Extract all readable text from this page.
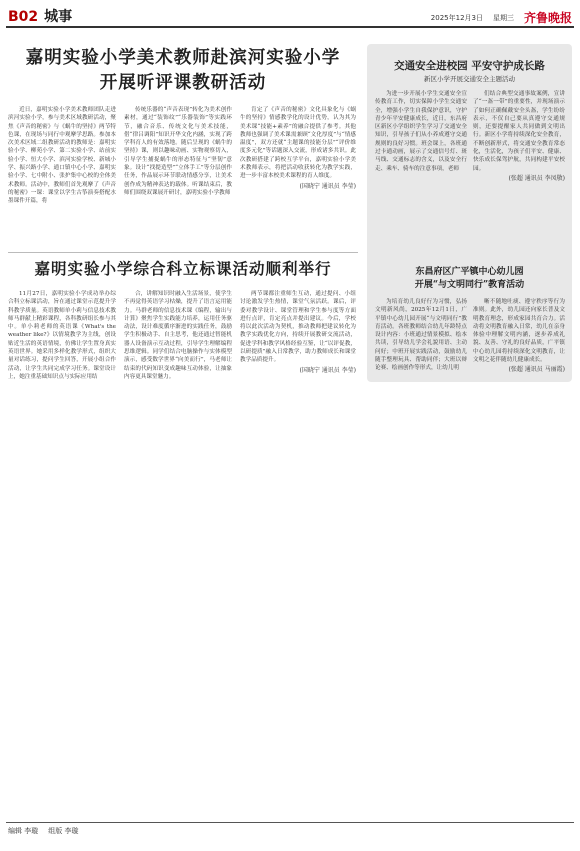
B02 城事	2025年12月3日 星期三 齐鲁晚报
嘉明实验小学美术教师赴滨河实验小学
开展听评课教研活动

近日，嘉明实验小学美术教师团队走进滨河实验小学，参与美术区域教研活动，聚焦《声音的秘密》与《蜗牛的坚持》两节特色课，在现场与同行中观摩学思路。参加本次美术区域二组教研活动的教师是：嘉明实验小学、柳苑小学、第二实验小学、站前实验小学、恒大小学、滨河实验学校、新城小学、振兴路小学、通口镇中心小学、嘉明实验小学、七中附小、张护集中心校的全体美术教师。活动中，教师们首先观摩了《声音的秘密》一课：课堂以学生古筝演奏搭配水墨课件开篇，将

传统乐器的“声音表现”转化为美术创作素材，通过“装饰纹”“乐器装饰”等实践环节，融合音乐、传统文化与美术技能，借“律吕调阳”知识开华文化内涵，实现了跨学科育人的有效落地。随后呈现的《蜗牛的坚持》课，则以趣味动画、实物观察切入，引导学生捕捉蜗牛的形态特征与“坚韧”意象。设计“找提造型”“立体手工”等分层创作任务，作品展示环节联动情感分享，让美术创作成为精神表达的载体。听课结束后，教师们围绕双课展开研讨，嘉明实验小学教师

肯定了《声音的秘密》文化具象化与《蜗牛的坚持》情感教学化的设计优势，认为其为美术课“技能+素养”的融合提供了参考。其他教师也强调了美术课需兼顾“文化厚度”与“情感温度”，双方还就“主题课的技能分层”“评价维度多元化”等话题深入交流，形成诸多共识。此次教研搭建了跨校互学平台，嘉明实验小学美术教师表示，将把活动收获转化为教学实践，进一步丰富本校美术课程的育人维度。

(国晓宁 通讯员 李莹)
嘉明实验小学综合科立标课活动顺利举行

11月27日，嘉明实验小学成功举办综合科立标课活动，旨在通过课堂示范提升学科教学质量。英语教师单小莉与信息技术教师马群献上精彩课程，各科教研组长参与其中。单小莉老师的英语课《What's the weather like?》以情境教学为主线，创设贴近生活的英语情境，仿佛让学生置身真实英语世界。她采用多样化教学形式，组织大量对话练习，提问学生回答，开展小组合作活动，让学生共同完成学习任务。课堂设计上，她注重基础知识点与实际应用结

合，讲解知识时融入生活场景，使学生不再觉得英语学习枯燥，提升了语言运用能力。马群老师的信息技术课《编程，输出与计算》聚焦学生实践能力培养，运用任务驱动法，设计难度循序渐进的实践任务，鼓励学生积极动手、自主思考，他还通过智能机器人设备演示互动过程，引导学生理解编程思维逻辑。同学们结合电脑操作与实体模型演示，感受数学世界“向美而行”，马老师让结束的代码知识变成趣味互动体验，让抽象内容更具课堂魅力。

两节课都注重师生互动，通过提问、小组讨论激发学生热情，课堂气氛活跃。课后，评委对教学设计、课堂管理和学生参与度等方面进行点评，肯定亮点并提出建议。今后，学校将以此次活动为契机，推动教师把建议转化为教学实践优化方向，持续开展教研交流活动，促进学科和教学风格经验互鉴，让“以评促教，以研提质”融入日常教学，助力教师成长和课堂教学品质提升。

(国晓宁 通讯员 李莹)
交通安全进校园 平安守护成长路
新区小学开展交通安全主题活动

为进一步开展小学生交通安全宣传教育工作，切实保障小学生交通安全，增强小学生自我保护意识，守护青少年平安健康成长，近日，东昌府区新区小学组织学生学习了交通安全知识，引导孩子们从小养成遵守交通规则的良好习惯。班会课上，各班通过卡通动画，展示了交通信号灯、斑马线、交通标志的含义，以及安全行走、乘车、骑车的注意事项，老师

们结合典型交通事故案例，宣讲了“一盔一带”的重要性，并现场演示了如何正确佩戴安全头盔，学生纷纷表示，不仅自己要从真遵守交通规则，还要提醒家人共同做到文明出行。新区小学将持续深化安全教育，不断创新形式，将交通安全教育常态化，生活化，为孩子们平安、健康、快乐成长保驾护航，共同构建平安校园。

(张超 通讯员 李凤敬)
东昌府区广平镇中心幼儿园
开展“与文明同行”教育活动

为培育幼儿良好行为习惯，弘扬文明新风尚，2025年12月1日，广平镇中心幼儿园开展“与文明同行”教育活动。各班教师结合幼儿年龄特点设计内容：小班通过情景模拟、绘本共读，引导幼儿学会礼貌用语、主动问好；中班开展实践活动，鼓励幼儿随手整理玩具、帮助同伴；大班以辩论赛、绘画创作等形式，让幼儿明

晰不随地吐痰、遵守秩序等行为准则。此外，幼儿园还向家长普及文明教育理念，形成家园共育合力。活动将文明教育融入日常，幼儿在亲身体验中理解文明内涵，逐步养成礼貌、友善、守礼的良好品质，广平镇中心幼儿园将持续深化文明教育，让文明之花伴随幼儿健康成长。

(张超 通讯员 马丽霞)
编辑 李璇 组版 李璇
